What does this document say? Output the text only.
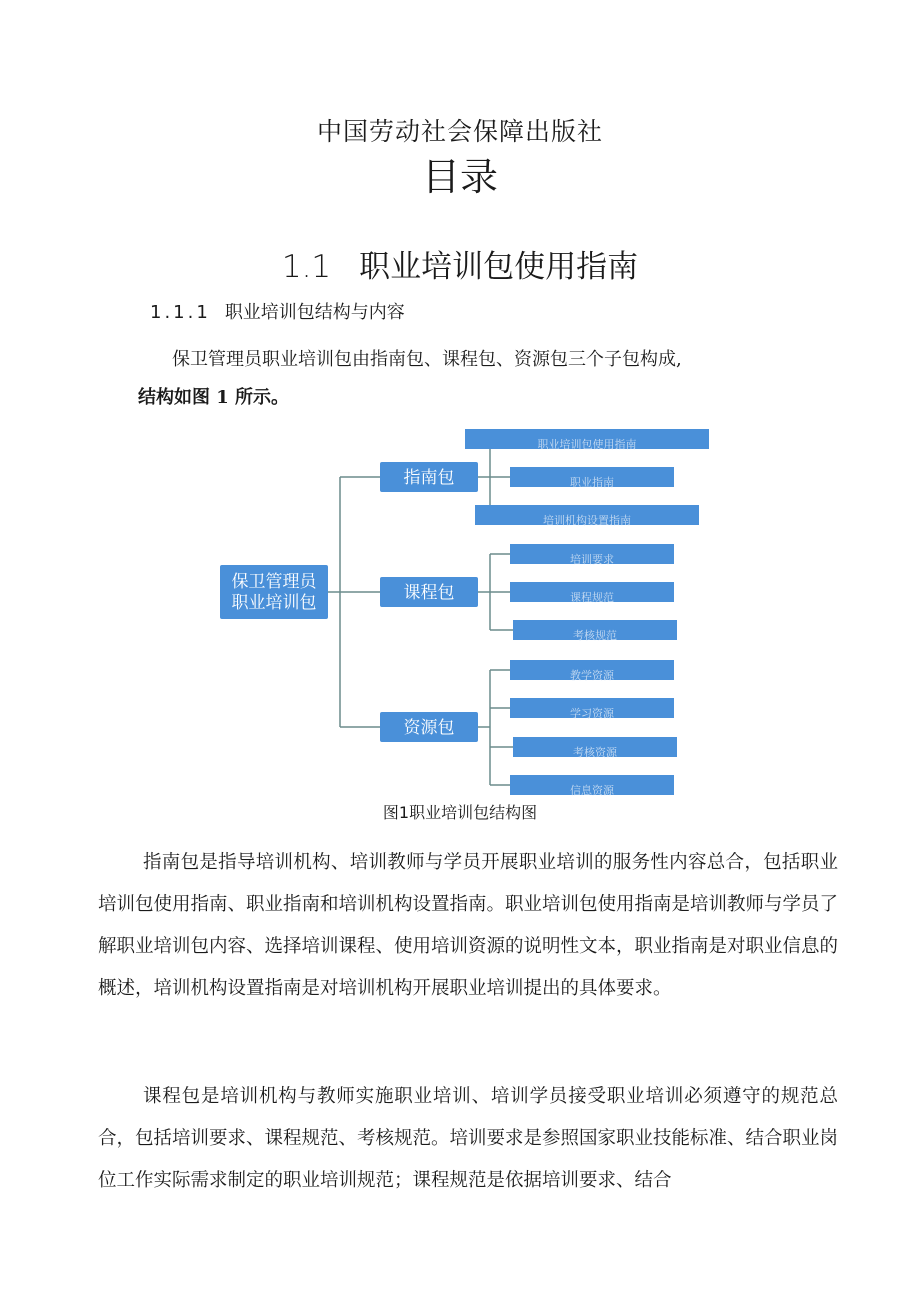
中国劳动社会保障出版社
目录
1.1 职业培训包使用指南
1.1.1 职业培训包结构与内容
保卫管理员职业培训包由指南包、课程包、资源包三个子包构成,
结构如图 1 所示。
保卫管理员
职业培训包
指南包
职业培训包使用指南
职业指南
培训机构设置指南
课程包
培训要求
课程规范
考核规范
资源包
教学资源
学习资源
考核资源
信息资源
图1职业培训包结构图
指南包是指导培训机构、培训教师与学员开展职业培训的服务性内容总合，包括职业培训包使用指南、职业指南和培训机构设置指南。职业培训包使用指南是培训教师与学员了解职业培训包内容、选择培训课程、使用培训资源的说明性文本，职业指南是对职业信息的概述，培训机构设置指南是对培训机构开展职业培训提出的具体要求。
课程包是培训机构与教师实施职业培训、培训学员接受职业培训必须遵守的规范总合，包括培训要求、课程规范、考核规范。培训要求是参照国家职业技能标准、结合职业岗位工作实际需求制定的职业培训规范；课程规范是依据培训要求、结合
